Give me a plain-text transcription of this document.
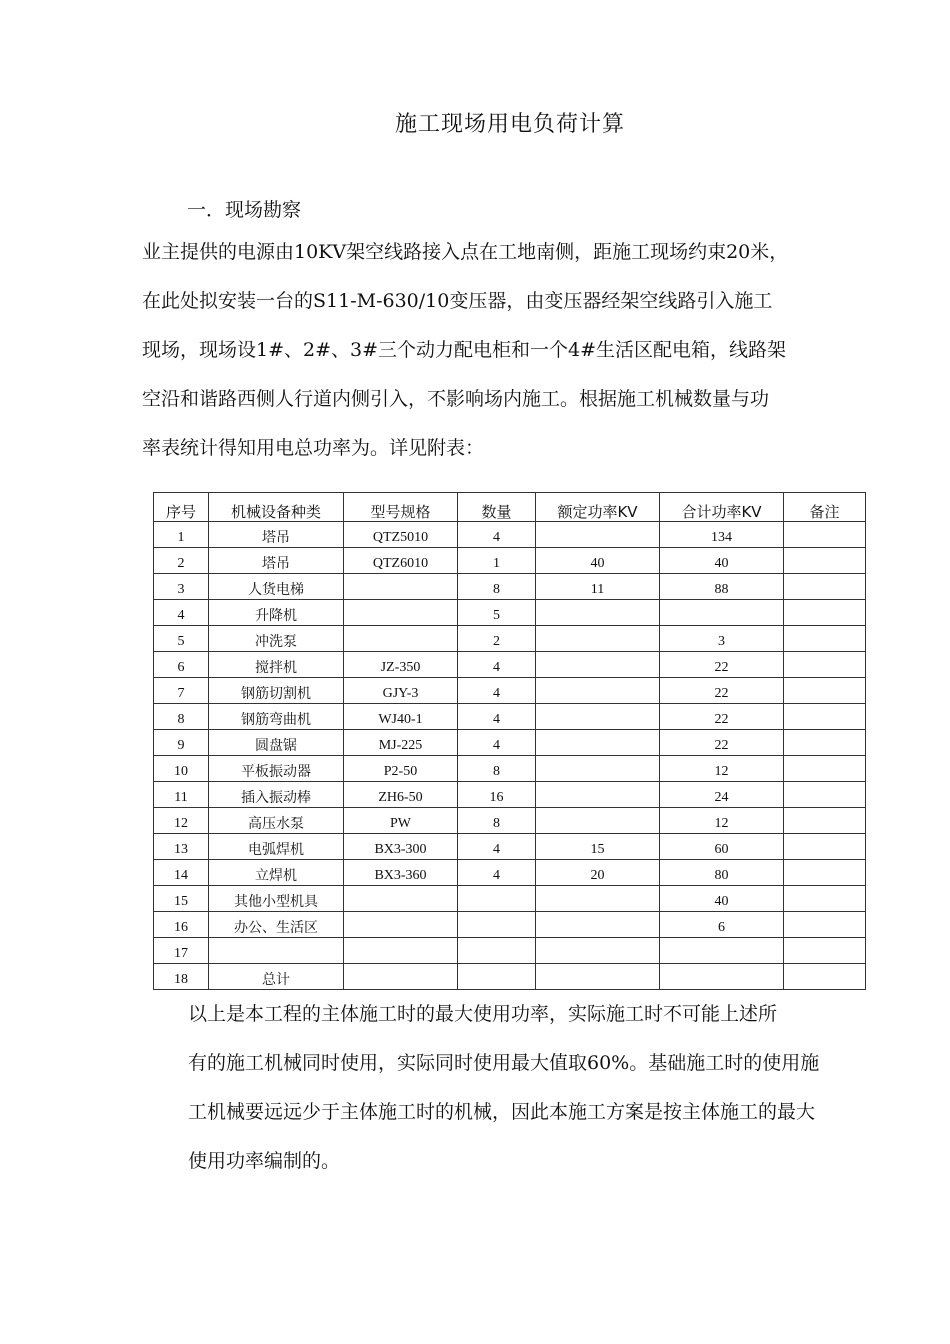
施工现场用电负荷计算
一．现场勘察

业主提供的电源由10KV架空线路接入点在工地南侧，距施工现场约束20米，
在此处拟安装一台的S11-M-630/10变压器，由变压器经架空线路引入施工
现场，现场设1#、2#、3#三个动力配电柜和一个4#生活区配电箱，线路架
空沿和谐路西侧人行道内侧引入，不影响场内施工。根据施工机械数量与功
率表统计得知用电总功率为。详见附表：

序号	机械设备种类	型号规格	数量	额定功率KV	合计功率KV	备注
1	塔吊	QTZ5010	4		134	
2	塔吊	QTZ6010	1	40	40	
3	人货电梯		8	11	88	
4	升降机		5			
5	冲洗泵		2		3	
6	搅拌机	JZ-350	4		22	
7	钢筋切割机	GJY-3	4		22	
8	钢筋弯曲机	WJ40-1	4		22	
9	圆盘锯	MJ-225	4		22	
10	平板振动器	P2-50	8		12	
11	插入振动棒	ZH6-50	16		24	
12	高压水泵	PW	8		12	
13	电弧焊机	BX3-300	4	15	60	
14	立焊机	BX3-360	4	20	80	
15	其他小型机具				40	
16	办公、生活区				6	
17						
18	总计					

以上是本工程的主体施工时的最大使用功率，实际施工时不可能上述所
有的施工机械同时使用，实际同时使用最大值取60%。基础施工时的使用施
工机械要远远少于主体施工时的机械，因此本施工方案是按主体施工的最大
使用功率编制的。
